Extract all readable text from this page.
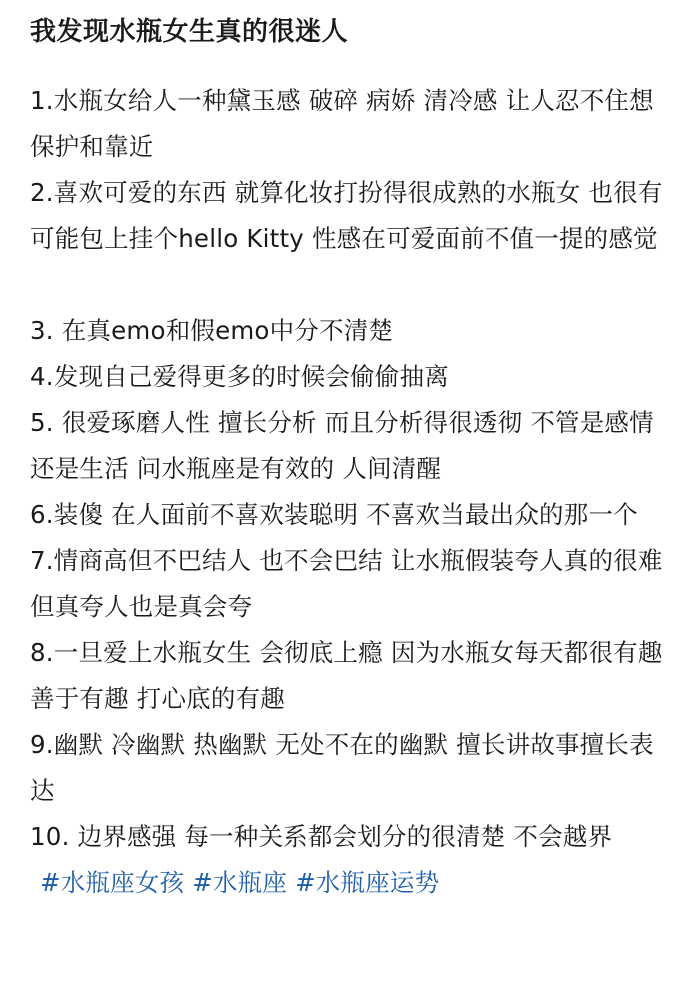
我发现水瓶女生真的很迷人

1.水瓶女给人一种黛玉感 破碎 病娇 清冷感 让人忍不住想保护和靠近

2.喜欢可爱的东西 就算化妆打扮得很成熟的水瓶女 也很有可能包上挂个hello Kitty 性感在可爱面前不值一提的感觉

3. 在真emo和假emo中分不清楚

4.发现自己爱得更多的时候会偷偷抽离

5. 很爱琢磨人性 擅长分析 而且分析得很透彻 不管是感情还是生活 问水瓶座是有效的 人间清醒

6.装傻 在人面前不喜欢装聪明 不喜欢当最出众的那一个

7.情商高但不巴结人 也不会巴结 让水瓶假装夸人真的很难 但真夸人也是真会夸

8.一旦爱上水瓶女生 会彻底上瘾 因为水瓶女每天都很有趣 善于有趣 打心底的有趣

9.幽默 冷幽默 热幽默 无处不在的幽默 擅长讲故事擅长表达

10. 边界感强 每一种关系都会划分的很清楚 不会越界#水瓶座女孩 #水瓶座 #水瓶座运势
